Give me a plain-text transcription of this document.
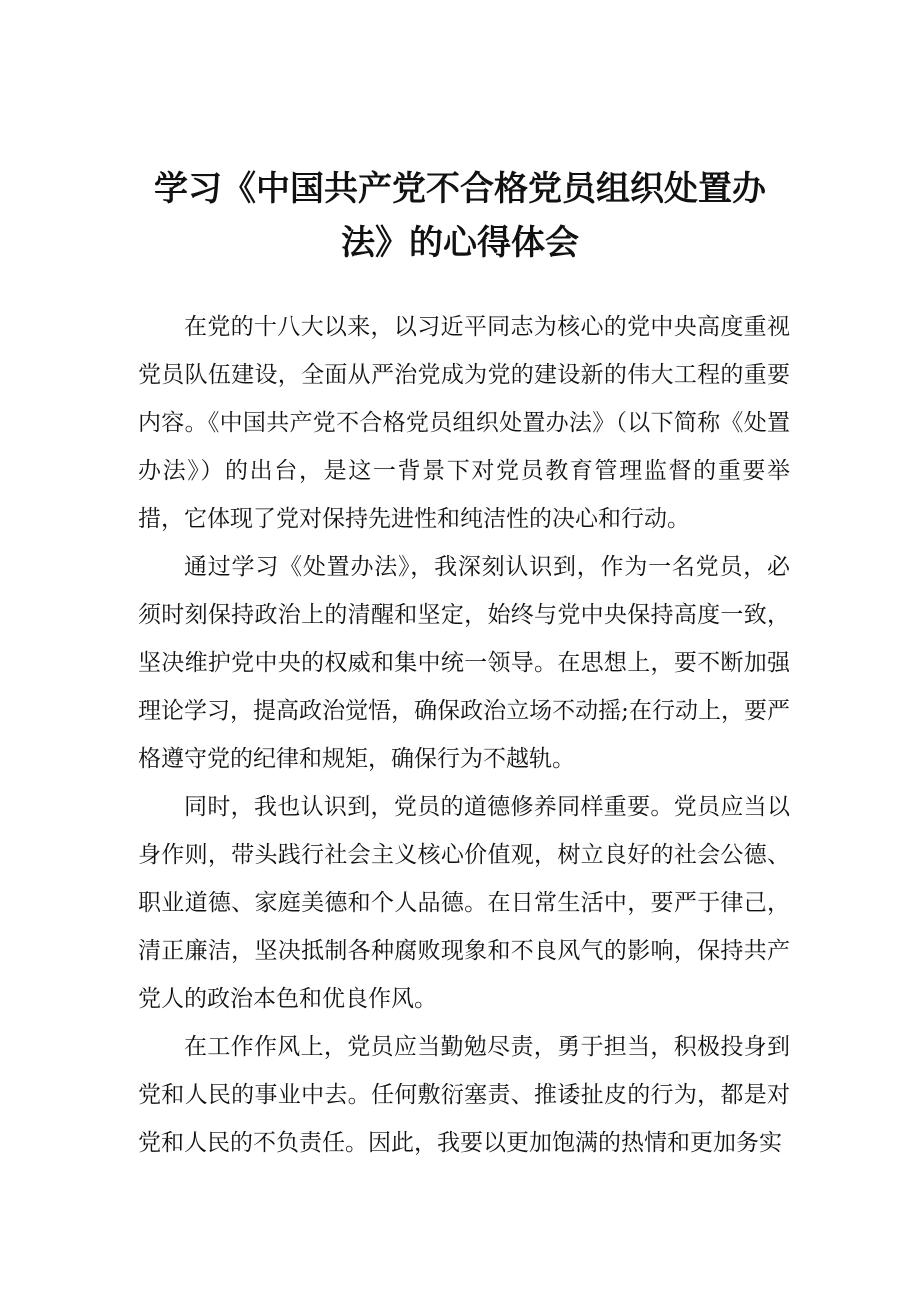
学习《中国共产党不合格党员组织处置办
法》的心得体会

在党的十八大以来，以习近平同志为核心的党中央高度重视党员队伍建设，全面从严治党成为党的建设新的伟大工程的重要内容。《中国共产党不合格党员组织处置办法》（以下简称《处置办法》）的出台，是这一背景下对党员教育管理监督的重要举措，它体现了党对保持先进性和纯洁性的决心和行动。

通过学习《处置办法》，我深刻认识到，作为一名党员，必须时刻保持政治上的清醒和坚定，始终与党中央保持高度一致，坚决维护党中央的权威和集中统一领导。在思想上，要不断加强理论学习，提高政治觉悟，确保政治立场不动摇;在行动上，要严格遵守党的纪律和规矩，确保行为不越轨。

同时，我也认识到，党员的道德修养同样重要。党员应当以身作则，带头践行社会主义核心价值观，树立良好的社会公德、职业道德、家庭美德和个人品德。在日常生活中，要严于律己，清正廉洁，坚决抵制各种腐败现象和不良风气的影响，保持共产党人的政治本色和优良作风。

在工作作风上，党员应当勤勉尽责，勇于担当，积极投身到党和人民的事业中去。任何敷衍塞责、推诿扯皮的行为，都是对党和人民的不负责任。因此，我要以更加饱满的热情和更加务实
